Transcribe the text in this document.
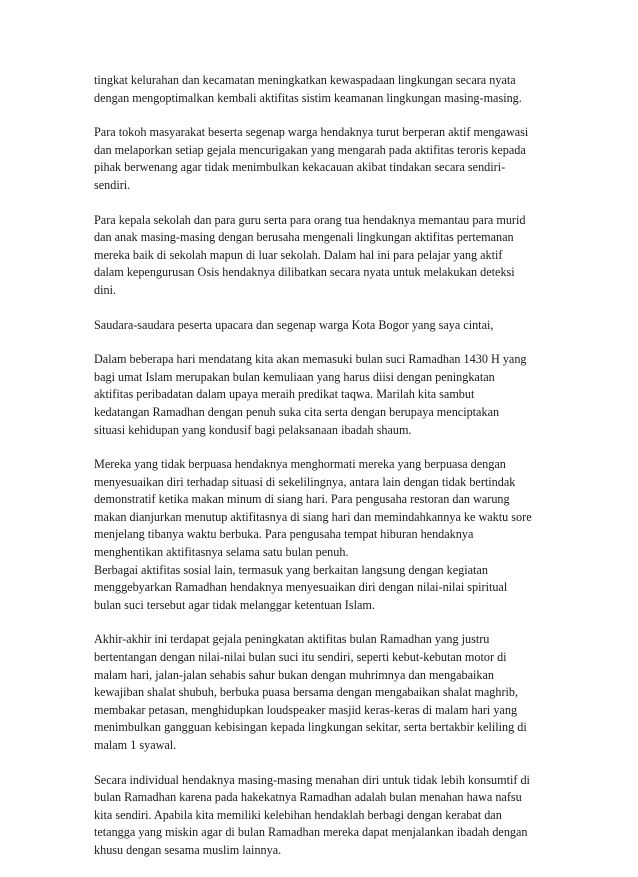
tingkat kelurahan dan kecamatan meningkatkan kewaspadaan lingkungan secara nyata
dengan mengoptimalkan kembali aktifitas sistim keamanan lingkungan masing-masing.
Para tokoh masyarakat beserta segenap warga hendaknya turut berperan aktif mengawasi
dan melaporkan setiap gejala mencurigakan yang mengarah pada aktifitas teroris kepada
pihak berwenang agar tidak menimbulkan kekacauan akibat tindakan secara sendiri-
sendiri.
Para kepala sekolah dan para guru serta para orang tua hendaknya memantau para murid
dan anak masing-masing dengan berusaha mengenali lingkungan aktifitas pertemanan
mereka baik di sekolah mapun di luar sekolah. Dalam hal ini para pelajar yang aktif
dalam kepengurusan Osis hendaknya dilibatkan secara nyata untuk melakukan deteksi
dini.
Saudara-saudara peserta upacara dan segenap warga Kota Bogor yang saya cintai,
Dalam beberapa hari mendatang kita akan memasuki bulan suci Ramadhan 1430 H yang
bagi umat Islam merupakan bulan kemuliaan yang harus diisi dengan peningkatan
aktifitas peribadatan dalam upaya meraih predikat taqwa. Marilah kita sambut
kedatangan Ramadhan dengan penuh suka cita serta dengan berupaya menciptakan
situasi kehidupan yang kondusif bagi pelaksanaan ibadah shaum.
Mereka yang tidak berpuasa hendaknya menghormati mereka yang berpuasa dengan
menyesuaikan diri terhadap situasi di sekelilingnya, antara lain dengan tidak bertindak
demonstratif ketika makan minum di siang hari. Para pengusaha restoran dan warung
makan dianjurkan menutup aktifitasnya di siang hari dan memindahkannya ke waktu sore
menjelang tibanya waktu berbuka. Para pengusaha tempat hiburan hendaknya
menghentikan aktifitasnya selama satu bulan penuh.
Berbagai aktifitas sosial lain, termasuk yang berkaitan langsung dengan kegiatan
menggebyarkan Ramadhan hendaknya menyesuaikan diri dengan nilai-nilai spiritual
bulan suci tersebut agar tidak melanggar ketentuan Islam.
Akhir-akhir ini terdapat gejala peningkatan aktifitas bulan Ramadhan yang justru
bertentangan dengan nilai-nilai bulan suci itu sendiri, seperti kebut-kebutan motor di
malam hari, jalan-jalan sehabis sahur bukan dengan muhrimnya dan mengabaikan
kewajiban shalat shubuh, berbuka puasa bersama dengan mengabaikan shalat maghrib,
membakar petasan, menghidupkan loudspeaker masjid keras-keras di malam hari yang
menimbulkan gangguan kebisingan kepada lingkungan sekitar, serta bertakbir keliling di
malam 1 syawal.
Secara individual hendaknya masing-masing menahan diri untuk tidak lebih konsumtif di
bulan Ramadhan karena pada hakekatnya Ramadhan adalah bulan menahan hawa nafsu
kita sendiri. Apabila kita memiliki kelebihan hendaklah berbagi dengan kerabat dan
tetangga yang miskin agar di bulan Ramadhan mereka dapat menjalankan ibadah dengan
khusu dengan sesama muslim lainnya.
